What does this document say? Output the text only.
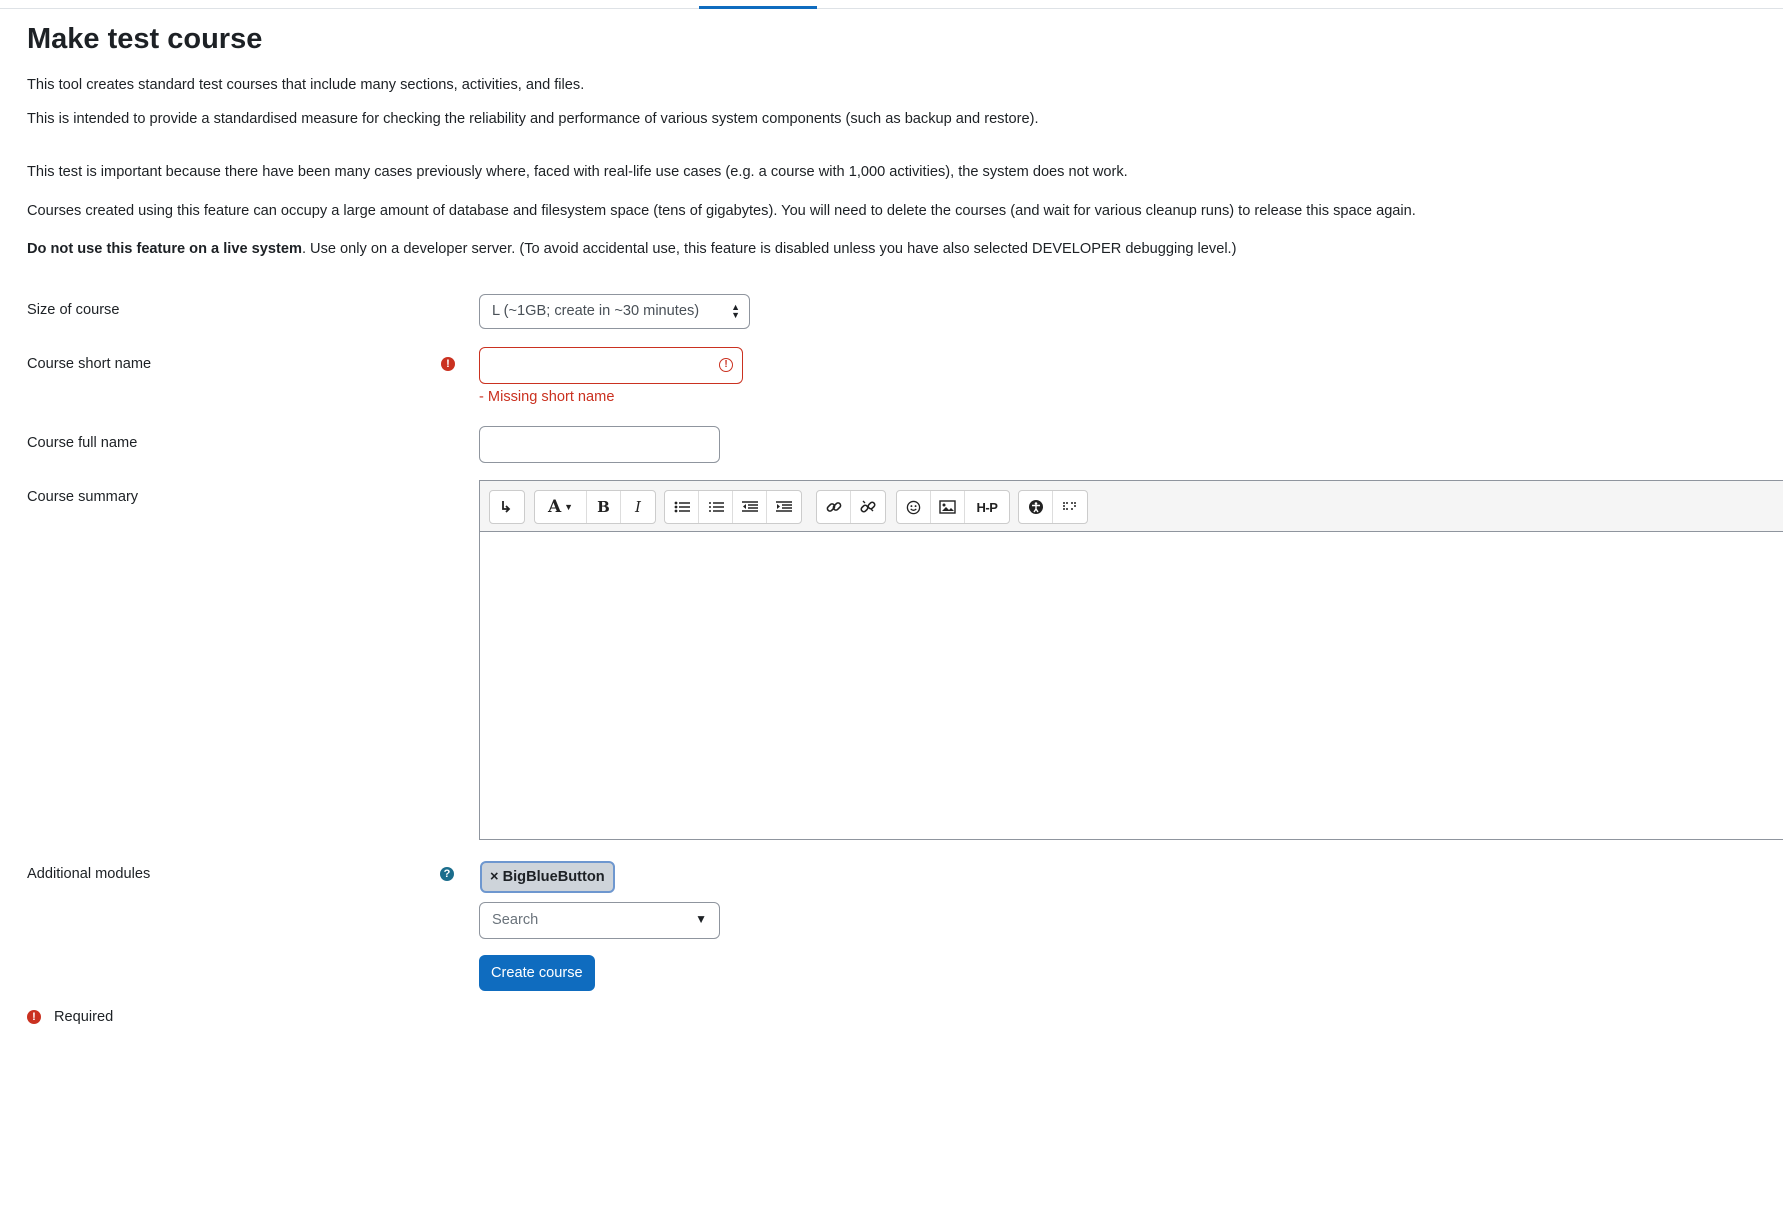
Make test course

This tool creates standard test courses that include many sections, activities, and files.

This is intended to provide a standardised measure for checking the reliability and performance of various system components (such as backup and restore).

This test is important because there have been many cases previously where, faced with real-life use cases (e.g. a course with 1,000 activities), the system does not work.

Courses created using this feature can occupy a large amount of database and filesystem space (tens of gigabytes). You will need to delete the courses (and wait for various cleanup runs) to release this space again.

Do not use this feature on a live system. Use only on a developer server. (To avoid accidental use, this feature is disabled unless you have also selected DEVELOPER debugging level.)

Size of course	L (~1GB; create in ~30 minutes)	▲
▼
Course short name	!	!
- Missing short name
Course full name
Course summary	A ▼ B I	H-P
Additional modules	?	× BigBlueButton
Search	▼
Create course
!	Required
